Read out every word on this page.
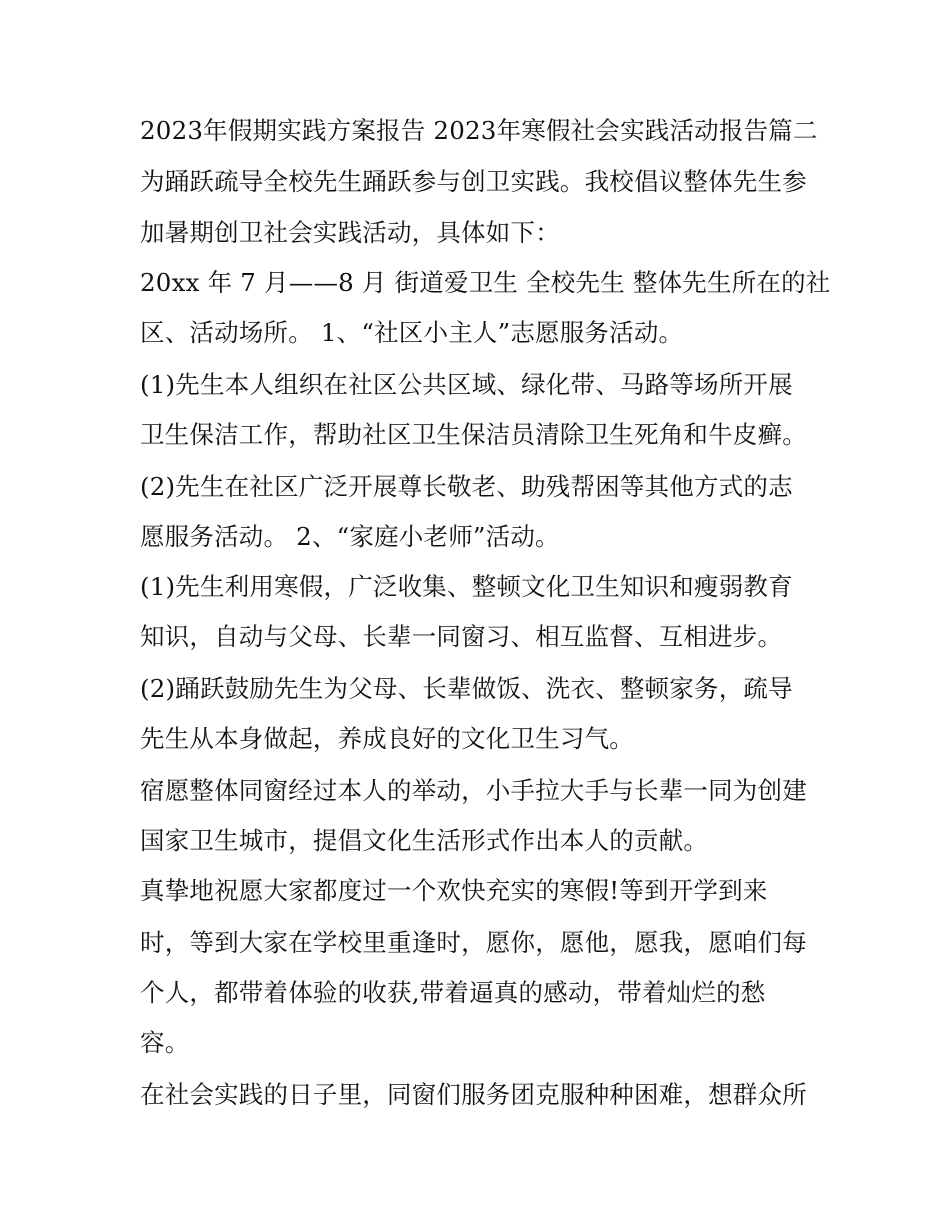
2023年假期实践方案报告 2023年寒假社会实践活动报告篇二
为踊跃疏导全校先生踊跃参与创卫实践。我校倡议整体先生参
加暑期创卫社会实践活动，具体如下：
20xx 年 7 月——8 月 街道爱卫生 全校先生 整体先生所在的社
区、活动场所。 1、“社区小主人”志愿服务活动。
(1)先生本人组织在社区公共区域、绿化带、马路等场所开展
卫生保洁工作，帮助社区卫生保洁员清除卫生死角和牛皮癣。
(2)先生在社区广泛开展尊长敬老、助残帮困等其他方式的志
愿服务活动。 2、“家庭小老师”活动。
(1)先生利用寒假，广泛收集、整顿文化卫生知识和瘦弱教育
知识，自动与父母、长辈一同窗习、相互监督、互相进步。
(2)踊跃鼓励先生为父母、长辈做饭、洗衣、整顿家务，疏导
先生从本身做起，养成良好的文化卫生习气。
宿愿整体同窗经过本人的举动，小手拉大手与长辈一同为创建
国家卫生城市，提倡文化生活形式作出本人的贡献。
真挚地祝愿大家都度过一个欢快充实的寒假!等到开学到来
时，等到大家在学校里重逢时，愿你，愿他，愿我，愿咱们每
个人，都带着体验的收获,带着逼真的感动，带着灿烂的愁
容。
在社会实践的日子里，同窗们服务团克服种种困难，想群众所
